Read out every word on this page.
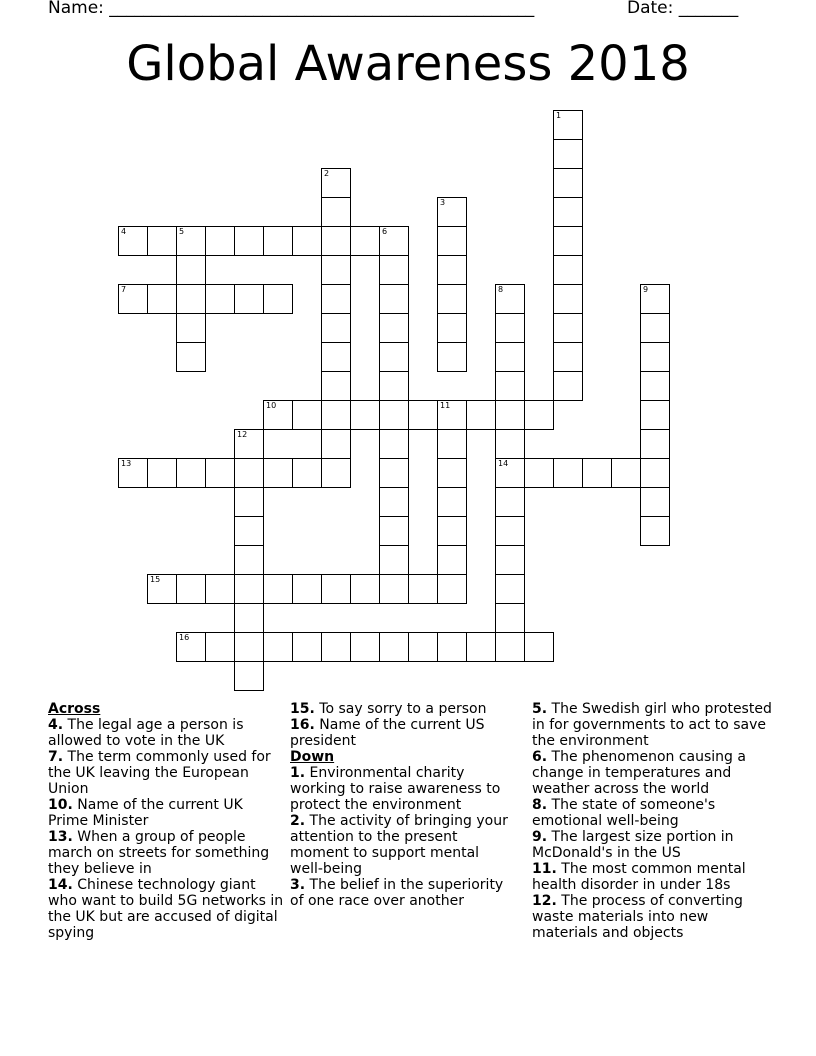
Name: __________________________________________________	Date: _______
Global Awareness 2018
1
2
3
4	5	6
7	8
14
9
10	11
12
13
15
16
Across
4. The legal age a person is allowed to vote in the UK
7. The term commonly used for the UK leaving the European Union
10. Name of the current UK Prime Minister
13. When a group of people march on streets for something they believe in
14. Chinese technology giant who want to build 5G networks in the UK but are accused of digital spying
15. To say sorry to a person
16. Name of the current US president
Down
1. Environmental charity working to raise awareness to protect the environment
2. The activity of bringing your attention to the present moment to support mental well-being
3. The belief in the superiority of one race over another
5. The Swedish girl who protested in for governments to act to save the environment
6. The phenomenon causing a change in temperatures and weather across the world
8. The state of someone's emotional well-being
9. The largest size portion in McDonald's in the US
11. The most common mental health disorder in under 18s
12. The process of converting waste materials into new materials and objects
